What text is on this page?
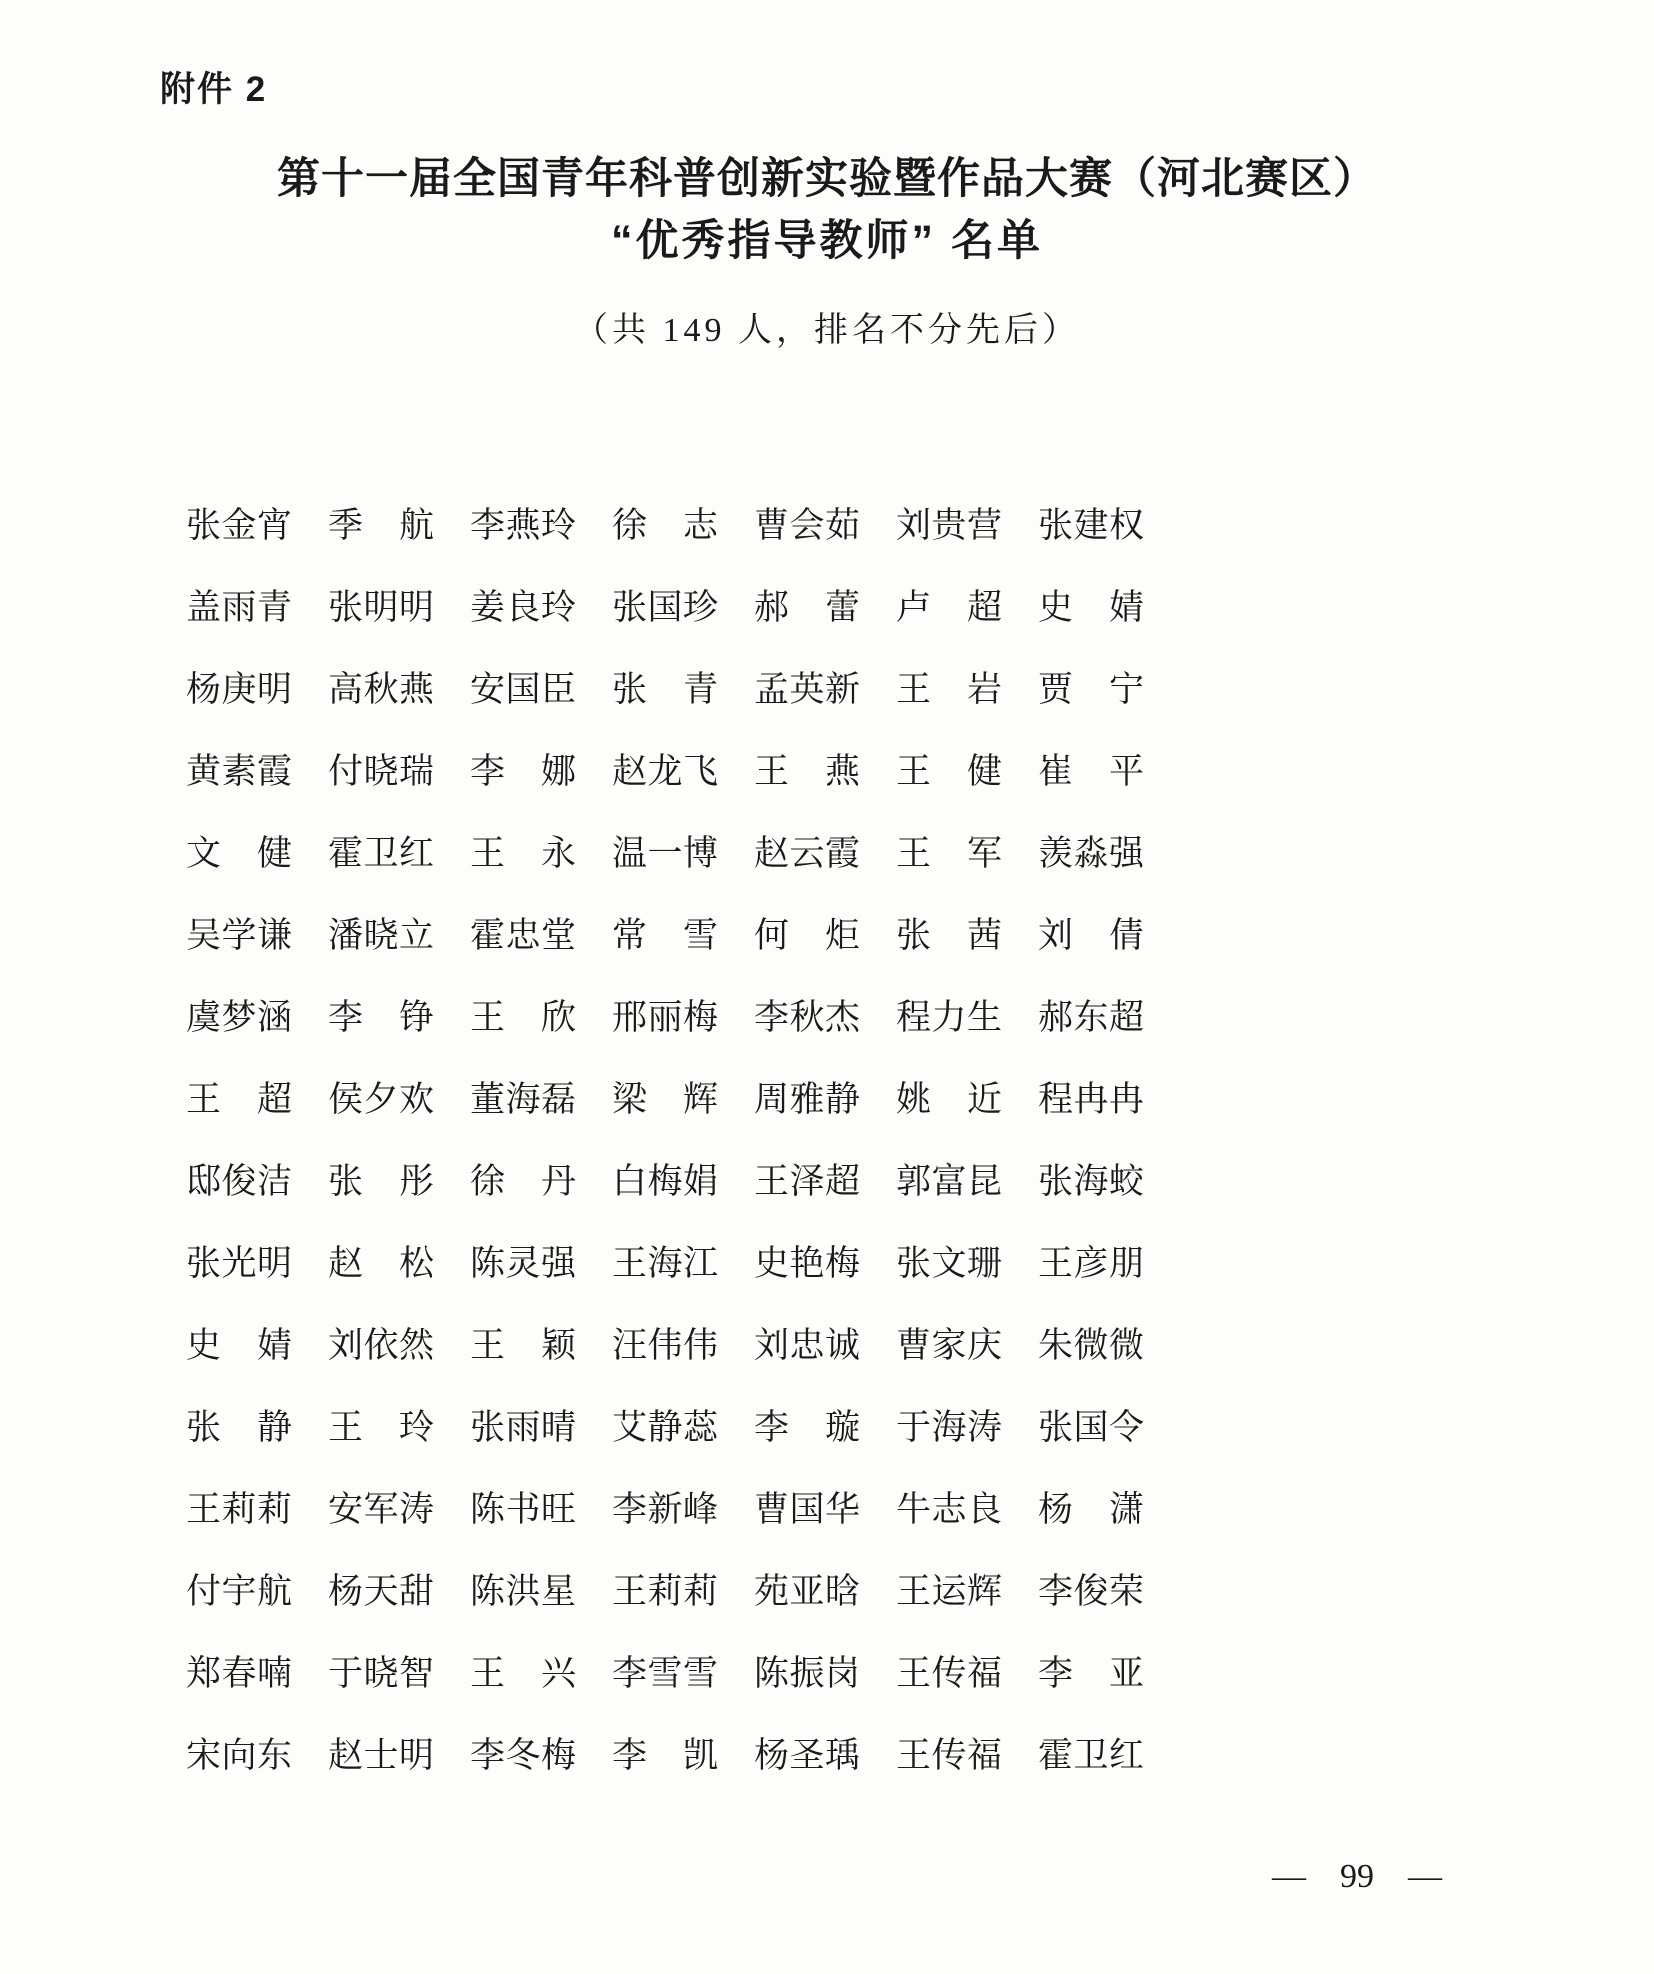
附件 2
第十一届全国青年科普创新实验暨作品大赛（河北赛区）
“优秀指导教师” 名单
（共 149 人，排名不分先后）
张金宵 季航 李燕玲 徐志 曹会茹 刘贵营 张建权
盖雨青 张明明 姜良玲 张国珍 郝蕾 卢超 史婧
杨庚明 高秋燕 安国臣 张青 孟英新 王岩 贾宁
黄素霞 付晓瑞 李娜 赵龙飞 王燕 王健 崔平
文健 霍卫红 王永 温一博 赵云霞 王军 羡淼强
吴学谦 潘晓立 霍忠堂 常雪 何炬 张茜 刘倩
虞梦涵 李铮 王欣 邢丽梅 李秋杰 程力生 郝东超
王超 侯夕欢 董海磊 梁辉 周雅静 姚近 程冉冉
邸俊洁 张彤 徐丹 白梅娟 王泽超 郭富昆 张海蛟
张光明 赵松 陈灵强 王海江 史艳梅 张文珊 王彦朋
史婧 刘依然 王颖 汪伟伟 刘忠诚 曹家庆 朱微微
张静 王玲 张雨晴 艾静蕊 李璇 于海涛 张国令
王莉莉 安军涛 陈书旺 李新峰 曹国华 牛志良 杨潇
付宇航 杨天甜 陈洪星 王莉莉 苑亚晗 王运辉 李俊荣
郑春喃 于晓智 王兴 李雪雪 陈振岗 王传福 李亚
宋向东 赵士明 李冬梅 李凯 杨圣瑀 王传福 霍卫红
— 99 —
